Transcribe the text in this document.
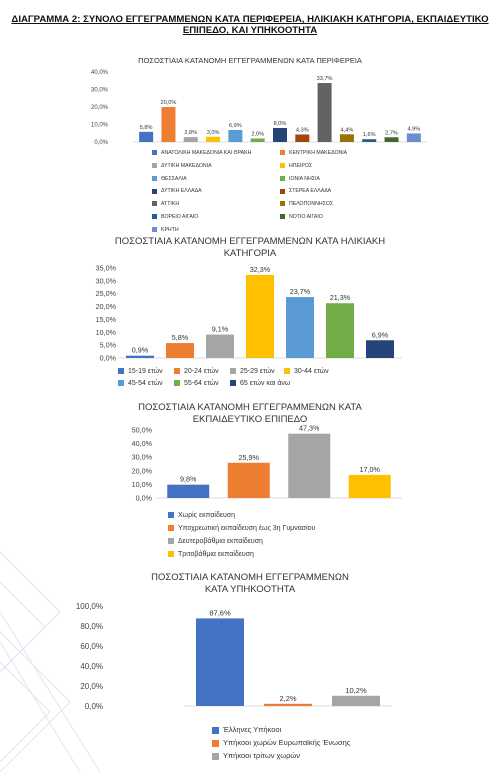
ΔΙΑΓΡΑΜΜΑ 2: ΣΥΝΟΛΟ ΕΓΓΕΓΡΑΜΜΕΝΩΝ ΚΑΤΑ ΠΕΡΙΦΕΡΕΙΑ, ΗΛΙΚΙΑΚΗ ΚΑΤΗΓΟΡΙΑ, ΕΚΠΑΙΔΕΥΤΙΚΟ ΕΠΙΠΕΔΟ, ΚΑΙ ΥΠΗΚΟΟΤΗΤΑ
ΠΟΣΟΣΤΙΑΙΑ ΚΑΤΑΝΟΜΗ ΕΓΓΕΓΡΑΜΜΕΝΩΝ ΚΑΤΑ ΠΕΡΙΦΕΡΕΙΑ
40,0%
30,0%
20,0%
10,0%
0,0%
5,8%
20,0%
2,8% 3,0%
6,9%
2,0%
8,0%
4,3%
33,7%
4,4%
1,6% 2,7%
4,9%
ΑΝΑΤΟΛΙΚΗ ΜΑΚΕΔΟΝΙΑ ΚΑΙ ΘΡΑΚΗ	ΚΕΝΤΡΙΚΗ ΜΑΚΕΔΟΝΙΑ
ΔΥΤΙΚΗ ΜΑΚΕΔΟΝΙΑ	ΗΠΕΙΡΟΣ
ΘΕΣΣΑΛΙΑ	ΙΟΝΙΑ ΝΗΣΙΑ
ΔΥΤΙΚΗ ΕΛΛΑΔΑ	ΣΤΕΡΕΑ ΕΛΛΑΔΑ
ΑΤΤΙΚΗ	ΠΕΛΟΠΟΝΝΗΣΟΣ
ΒΟΡΕΙΟ ΑΙΓΑΙΟ	ΝΟΤΙΟ ΑΙΓΑΙΟ
ΚΡΗΤΗ
ΠΟΣΟΣΤΙΑΙΑ ΚΑΤΑΝΟΜΗ ΕΓΓΕΓΡΑΜΜΕΝΩΝ ΚΑΤΑ ΗΛΙΚΙΑΚΗ ΚΑΤΗΓΟΡΙΑ
35,0%
30,0%
25,0%
20,0%
15,0%
10,0%
5,0%
0,0%
0,9%
5,8%
9,1%
32,3%
23,7%
21,3%
6,9%
15-19 ετών	20-24 ετών	25-29 ετών	30-44 ετών
45-54 ετών	55-64 ετών	65 ετών και άνω
ΠΟΣΟΣΤΙΑΙΑ ΚΑΤΑΝΟΜΗ ΕΓΓΕΓΡΑΜΜΕΝΩΝ ΚΑΤΑ ΕΚΠΑΙΔΕΥΤΙΚΟ ΕΠΙΠΕΔΟ
50,0%
40,0%
30,0%
20,0%
10,0%
0,0%
9,8%
25,9%
47,3%
17,0%
Χωρίς εκπαίδευση
Υποχρεωτική εκπαίδευση έως 3η Γυμνασίου
Δευτεροβάθμια εκπαίδευση
Τριτοβάθμια εκπαίδευση
ΠΟΣΟΣΤΙΑΙΑ ΚΑΤΑΝΟΜΗ ΕΓΓΕΓΡΑΜΜΕΝΩΝ ΚΑΤΑ ΥΠΗΚΟΟΤΗΤΑ
100,0%
80,0%
60,0%
40,0%
20,0%
0,0%
87,6%
2,2%
10,2%
Έλληνες Υπήκοοι
Υπήκοοι χωρών Ευρωπαϊκής Ένωσης
Υπήκοοι τρίτων χωρών
